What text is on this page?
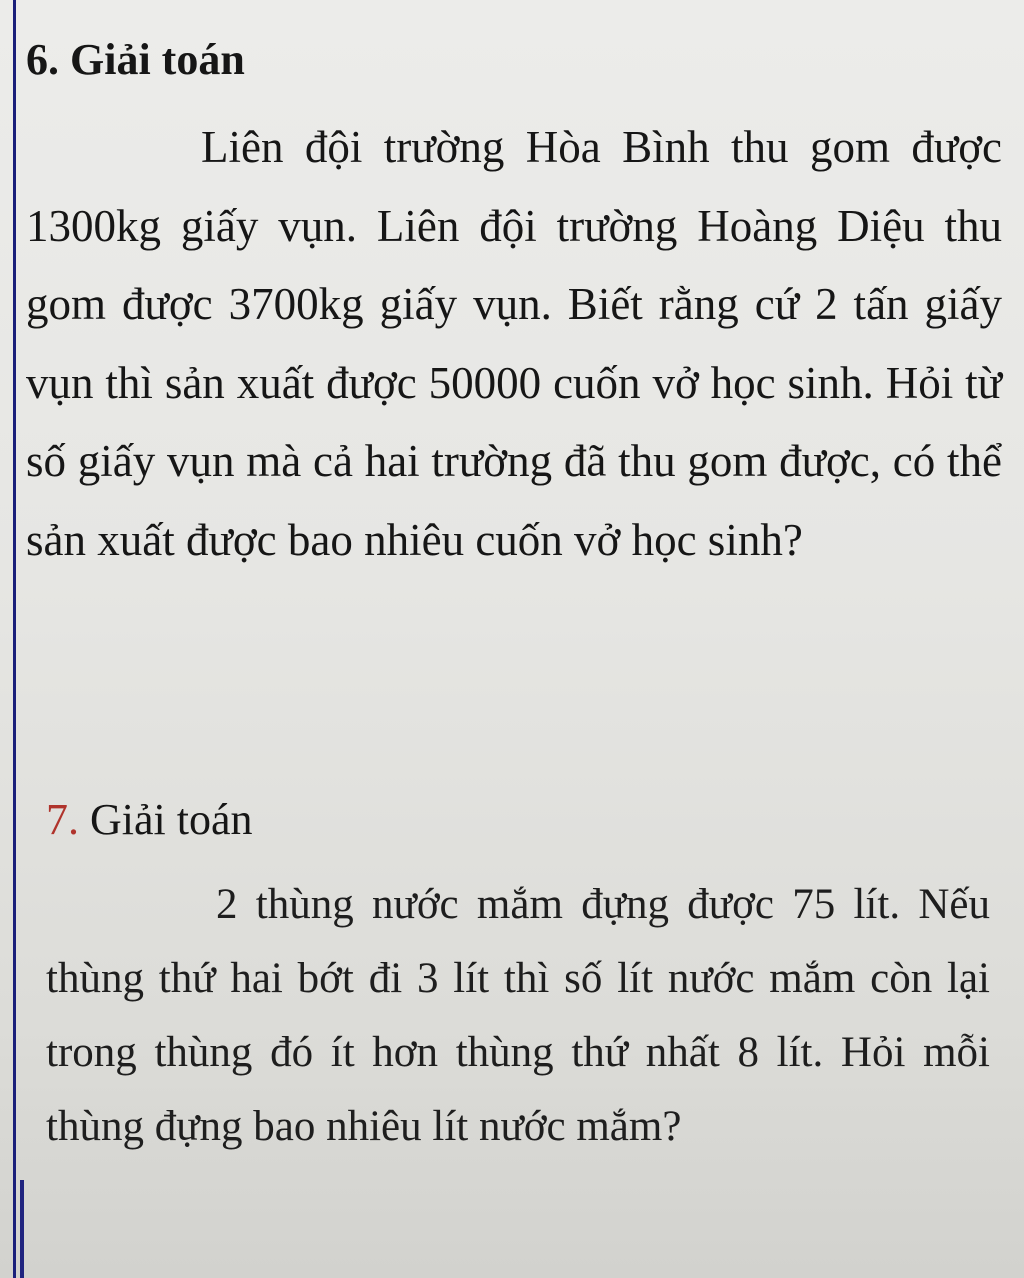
6. Giải toán

Liên đội trường Hòa Bình thu gom được 1300kg giấy vụn. Liên đội trường Hoàng Diệu thu gom được 3700kg giấy vụn. Biết rằng cứ 2 tấn giấy vụn thì sản xuất được 50000 cuốn vở học sinh. Hỏi từ số giấy vụn mà cả hai trường đã thu gom được, có thể sản xuất được bao nhiêu cuốn vở học sinh?

7. Giải toán

2 thùng nước mắm đựng được 75 lít. Nếu thùng thứ hai bớt đi 3 lít thì số lít nước mắm còn lại trong thùng đó ít hơn thùng thứ nhất 8 lít. Hỏi mỗi thùng đựng bao nhiêu lít nước mắm?
